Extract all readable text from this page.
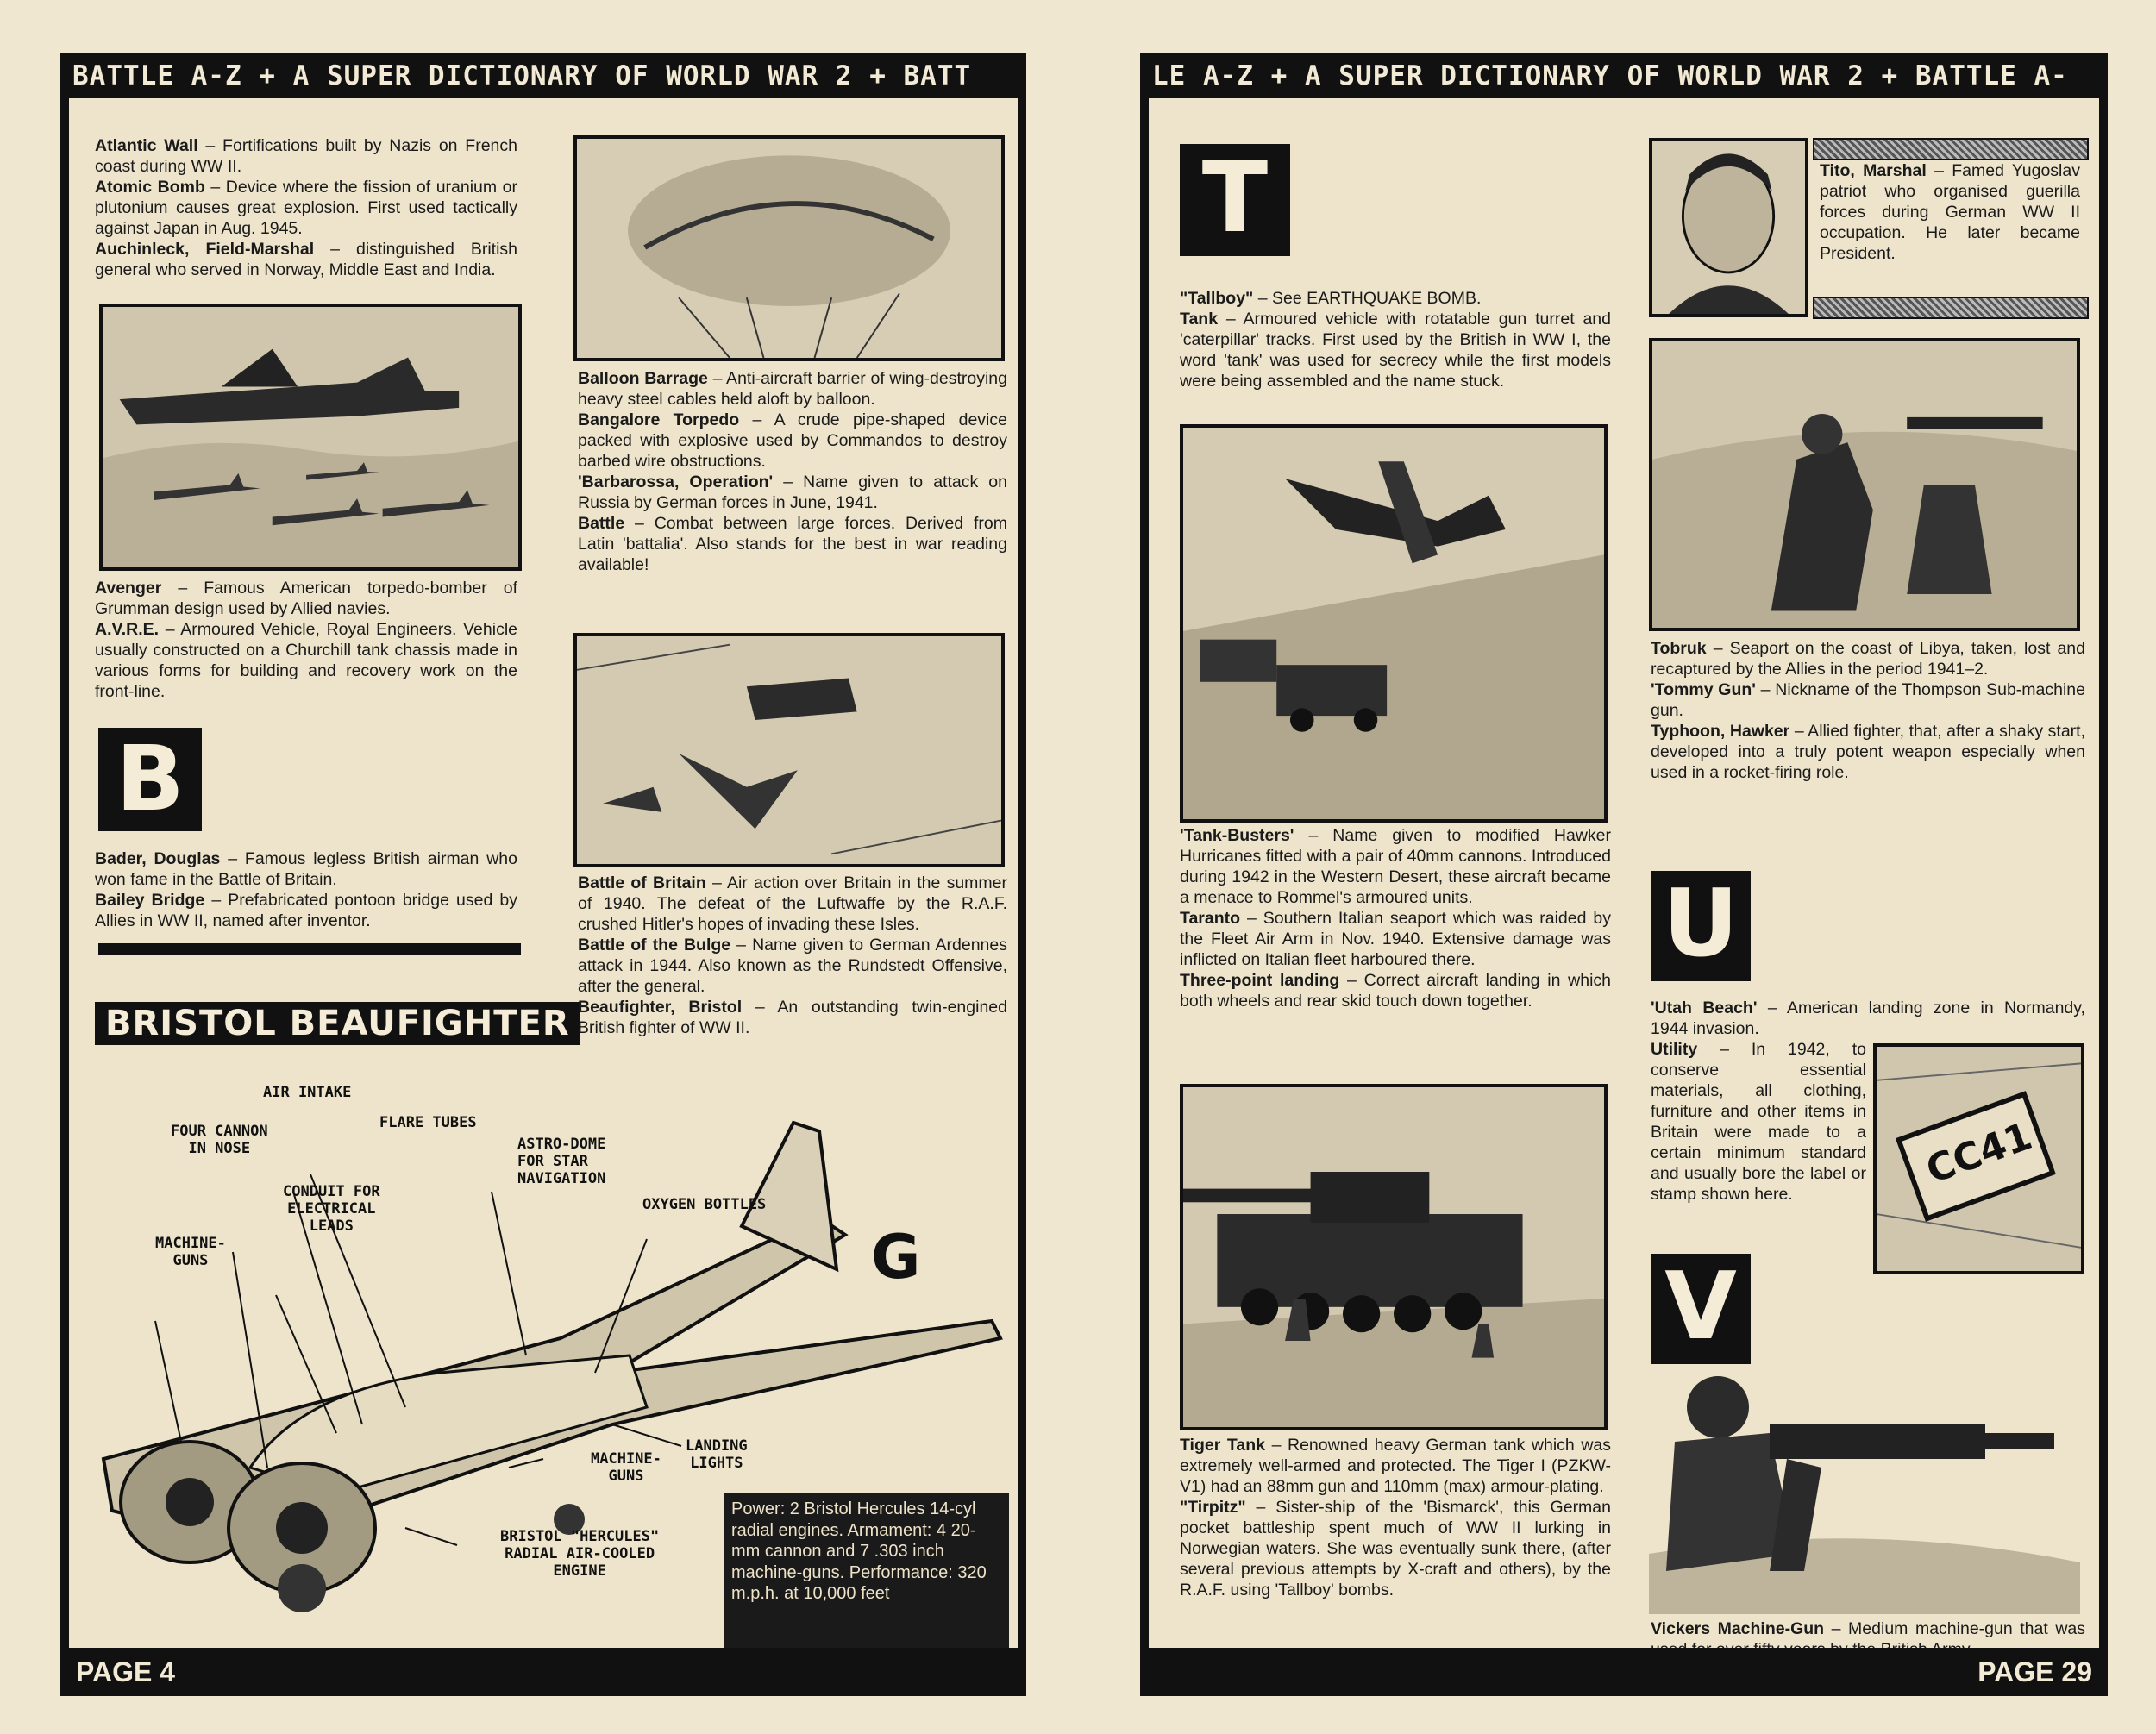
BATTLE A-Z + A SUPER DICTIONARY OF WORLD WAR 2 + BATT

Atlantic Wall – Fortifications built by Nazis on French coast during WW II.

Atomic Bomb – Device where the fission of uranium or plutonium causes great explosion. First used tactically against Japan in Aug. 1945.

Auchinleck, Field-Marshal – distinguished British general who served in Norway, Middle East and India.

Avenger – Famous American torpedo-bomber of Grumman design used by Allied navies.

A.V.R.E. – Armoured Vehicle, Royal Engineers. Vehicle usually constructed on a Churchill tank chassis made in various forms for building and recovery work on the front-line.

B

Bader, Douglas – Famous legless British airman who won fame in the Battle of Britain.

Bailey Bridge – Prefabricated pontoon bridge used by Allies in WW II, named after inventor.

BRISTOL BEAUFIGHTER

Balloon Barrage – Anti-aircraft barrier of wing-destroying heavy steel cables held aloft by balloon.

Bangalore Torpedo – A crude pipe-shaped device packed with explosive used by Commandos to destroy barbed wire obstructions.

'Barbarossa, Operation' – Name given to attack on Russia by German forces in June, 1941.

Battle – Combat between large forces. Derived from Latin 'battalia'. Also stands for the best in war reading available!

Battle of Britain – Air action over Britain in the summer of 1940. The defeat of the Luftwaffe by the R.A.F. crushed Hitler's hopes of invading these Isles.

Battle of the Bulge – Name given to German Ardennes attack in 1944. Also known as the Rundstedt Offensive, after the general.

Beaufighter, Bristol – An outstanding twin-engined British fighter of WW II.

G
AIR INTAKE
FLARE TUBES
FOUR CANNON
IN NOSE	ASTRO-DOME
FOR STAR
NAVIGATION
CONDUIT FOR
ELECTRICAL
LEADS
OXYGEN BOTTLES
MACHINE-
GUNS
MACHINE-
GUNS
LANDING
LIGHTS
BRISTOL "HERCULES"
RADIAL AIR-COOLED
ENGINE
Power: 2 Bristol Hercules 14-cyl radial engines. Armament: 4 20-mm cannon and 7 .303 inch machine-guns. Performance: 320 m.p.h. at 10,000 feet
PAGE 4
LE A-Z + A SUPER DICTIONARY OF WORLD WAR 2 + BATTLE A-
T

"Tallboy" – See EARTHQUAKE BOMB.

Tank – Armoured vehicle with rotatable gun turret and 'caterpillar' tracks. First used by the British in WW I, the word 'tank' was used for secrecy while the first models were being assembled and the name stuck.

'Tank-Busters' – Name given to modified Hawker Hurricanes fitted with a pair of 40mm cannons. Introduced during 1942 in the Western Desert, these aircraft became a menace to Rommel's armoured units.

Taranto – Southern Italian seaport which was raided by the Fleet Air Arm in Nov. 1940. Extensive damage was inflicted on Italian fleet harboured there.

Three-point landing – Correct aircraft landing in which both wheels and rear skid touch down together.

Tiger Tank – Renowned heavy German tank which was extremely well-armed and protected. The Tiger I (PZKW-V1) had an 88mm gun and 110mm (max) armour-plating.

"Tirpitz" – Sister-ship of the 'Bismarck', this German pocket battleship spent much of WW II lurking in Norwegian waters. She was eventually sunk there, (after several previous attempts by X-craft and others), by the R.A.F. using 'Tallboy' bombs.

Tito, Marshal – Famed Yugoslav patriot who organised guerilla forces during German WW II occupation. He later became President.

Tobruk – Seaport on the coast of Libya, taken, lost and recaptured by the Allies in the period 1941–2.

'Tommy Gun' – Nickname of the Thompson Sub-machine gun.

Typhoon, Hawker – Allied fighter, that, after a shaky start, developed into a truly potent weapon especially when used in a rocket-firing role.

U

'Utah Beach' – American landing zone in Normandy, 1944 invasion.

Utility – In 1942, to conserve essential materials, all clothing, furniture and other items in Britain were made to a certain minimum standard and usually bore the label or stamp shown here.

CC41
V

Vickers Machine-Gun – Medium machine-gun that was

PAGE 29
